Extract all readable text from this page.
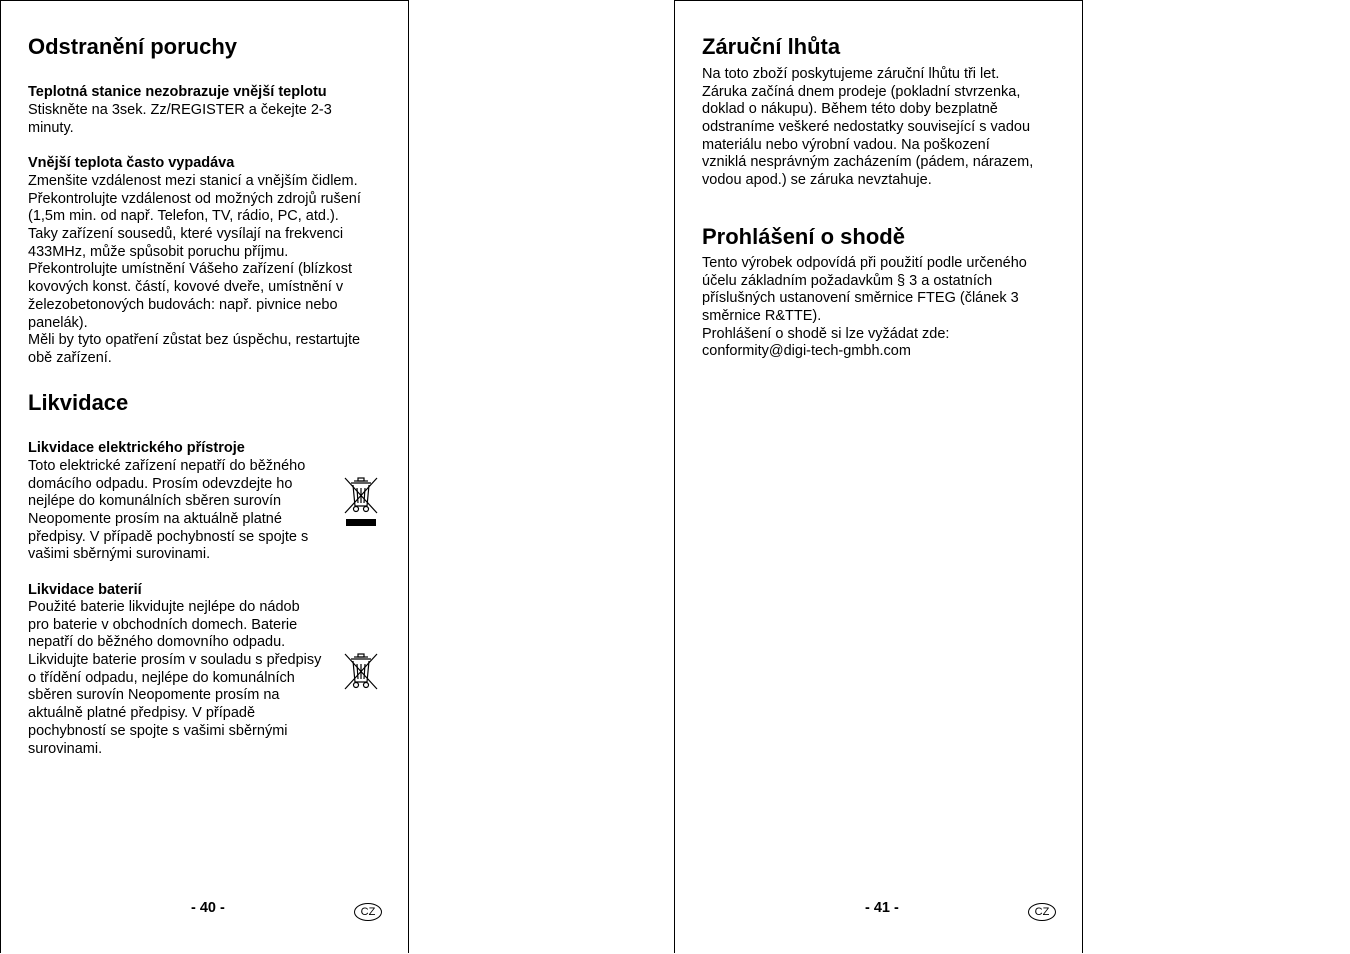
Odstranění poruchy
Teplotná stanice nezobrazuje vnější teplotu
Stiskněte na 3sek. Zz/REGISTER a čekejte 2-3
minuty.
Vnější teplota často vypadáva
Zmenšite vzdálenost mezi stanicí a vnějším čidlem.
Překontrolujte vzdálenost od možných zdrojů rušení
(1,5m min. od např. Telefon, TV, rádio, PC, atd.).
Taky zařízení sousedů, které vysílají na frekvenci
433MHz, může spůsobit poruchu příjmu.
Překontrolujte umístnění Vášeho zařízení (blízkost
kovových konst. částí, kovové dveře, umístnění v
železobetonových budovách: např. pivnice nebo
panelák).
Měli by tyto opatření zůstat bez úspěchu, restartujte
obě zařízení.
Likvidace
Likvidace elektrického přístroje
Toto elektrické zařízení nepatří do běžného
domácího odpadu. Prosím odevzdejte ho
nejlépe do komunálních sběren surovín
Neopomente prosím na aktuálně platné
předpisy. V případě pochybností se spojte s
vašimi sběrnými surovinami.
Likvidace baterií
Použité baterie likvidujte nejlépe do nádob
pro baterie v obchodních domech. Baterie
nepatří do běžného domovního odpadu.
Likvidujte baterie prosím v souladu s předpisy
o třídění odpadu, nejlépe do komunálních
sběren surovín Neopomente prosím na
aktuálně platné předpisy. V případě
pochybností se spojte s vašimi sběrnými
surovinami.
- 40 -	CZ
Záruční lhůta
Na toto zboží poskytujeme záruční lhůtu tři let.
Záruka začíná dnem prodeje (pokladní stvrzenka,
doklad o nákupu). Během této doby bezplatně
odstraníme veškeré nedostatky související s vadou
materiálu nebo výrobní vadou. Na poškození
vzniklá nesprávným zacházením (pádem, nárazem,
vodou apod.) se záruka nevztahuje.
Prohlášení o shodě
Tento výrobek odpovídá při použití podle určeného
účelu základním požadavkům § 3 a ostatních
příslušných ustanovení směrnice FTEG (článek 3
směrnice R&TTE).
Prohlášení o shodě si lze vyžádat zde:
conformity@digi-tech-gmbh.com
- 41 -	CZ
